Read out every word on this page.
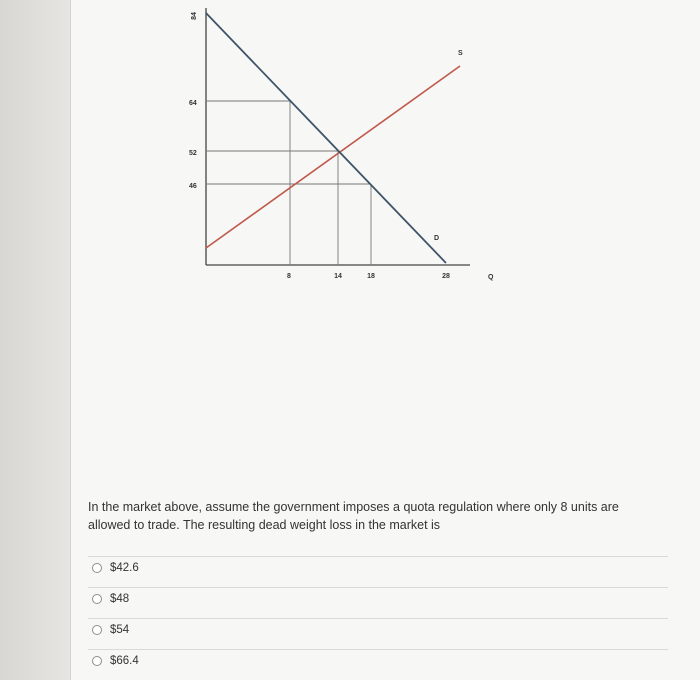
84
64
52
46
8	14	18	28
S
D
Q
In the market above, assume the government imposes a quota regulation where only 8 units are allowed to trade. The resulting dead weight loss in the market is
$42.6
$48
$54
$66.4
